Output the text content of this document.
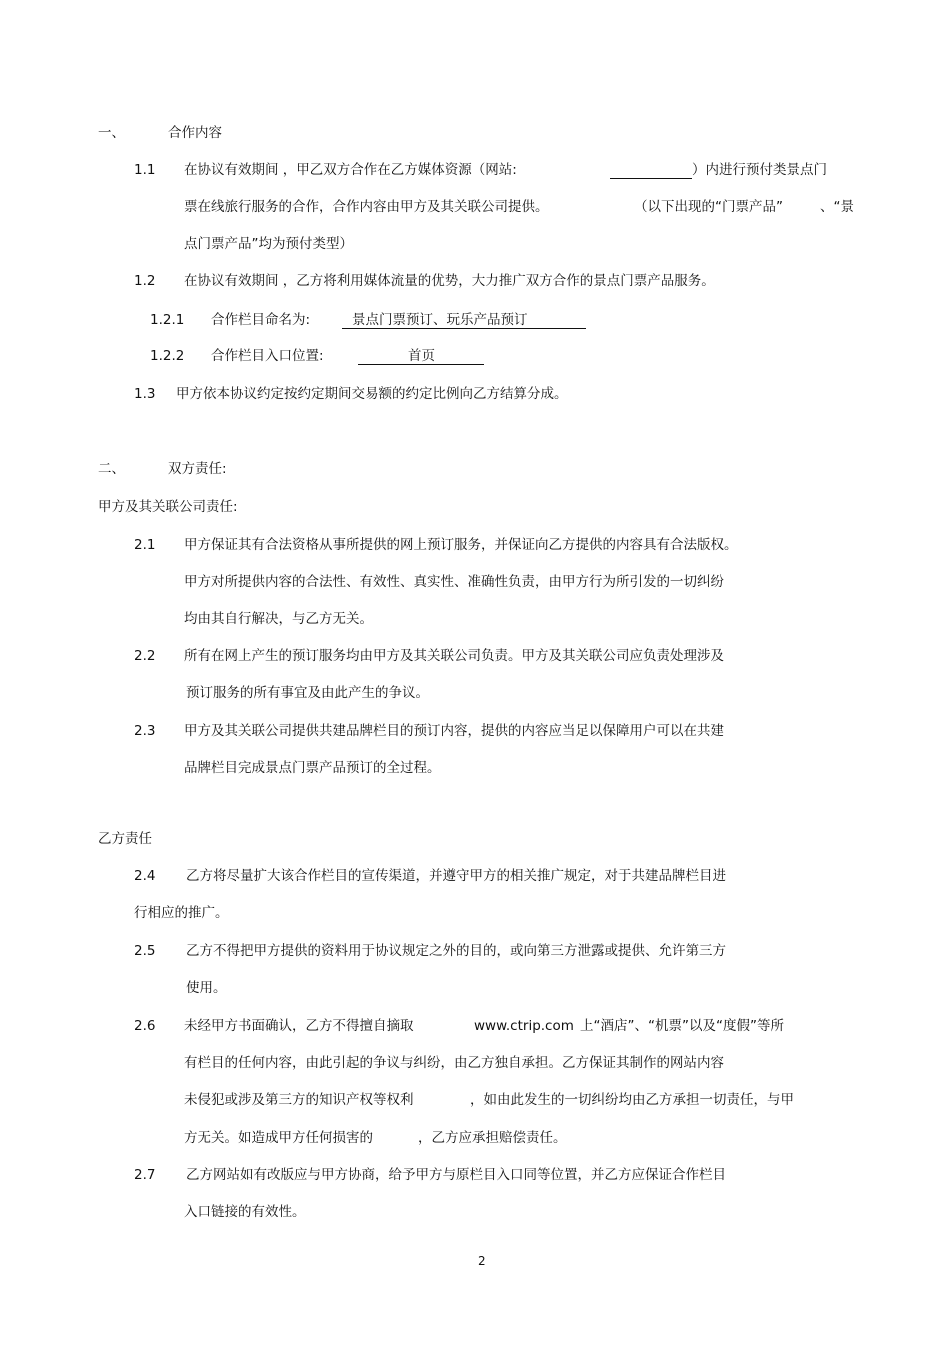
一、	合作内容
1.1 在协议有效期间 ，甲乙双方合作在乙方媒体资源（网站:	）内进行预付类景点门
票在线旅行服务的合作，合作内容由甲方及其关联公司提供。	（以下出现的“门票产品”	、“景
点门票产品”均为预付类型）
1.2 在协议有效期间 ，乙方将利用媒体流量的优势，大力推广双方合作的景点门票产品服务。
1.2.1 合作栏目命名为:	景点门票预订、玩乐产品预订
1.2.2 合作栏目入口位置:	首页
1.3 甲方依本协议约定按约定期间交易额的约定比例向乙方结算分成。
二、	双方责任:
甲方及其关联公司责任:
2.1 甲方保证其有合法资格从事所提供的网上预订服务，并保证向乙方提供的内容具有合法版权。
甲方对所提供内容的合法性、有效性、真实性、准确性负责，由甲方行为所引发的一切纠纷
均由其自行解决，与乙方无关。
2.2 所有在网上产生的预订服务均由甲方及其关联公司负责。甲方及其关联公司应负责处理涉及
预订服务的所有事宜及由此产生的争议。
2.3 甲方及其关联公司提供共建品牌栏目的预订内容，提供的内容应当足以保障用户可以在共建
品牌栏目完成景点门票产品预订的全过程。
乙方责任
2.4 乙方将尽量扩大该合作栏目的宣传渠道，并遵守甲方的相关推广规定，对于共建品牌栏目进
行相应的推广。
2.5 乙方不得把甲方提供的资料用于协议规定之外的目的，或向第三方泄露或提供、允许第三方
使用。
2.6 未经甲方书面确认，乙方不得擅自摘取	www.ctrip.com 上“酒店”、“机票”以及“度假”等所
有栏目的任何内容，由此引起的争议与纠纷，由乙方独自承担。乙方保证其制作的网站内容
未侵犯或涉及第三方的知识产权等权利	，如由此发生的一切纠纷均由乙方承担一切责任，与甲
方无关。如造成甲方任何损害的	，乙方应承担赔偿责任。
2.7 乙方网站如有改版应与甲方协商，给予甲方与原栏目入口同等位置，并乙方应保证合作栏目
入口链接的有效性。
2
